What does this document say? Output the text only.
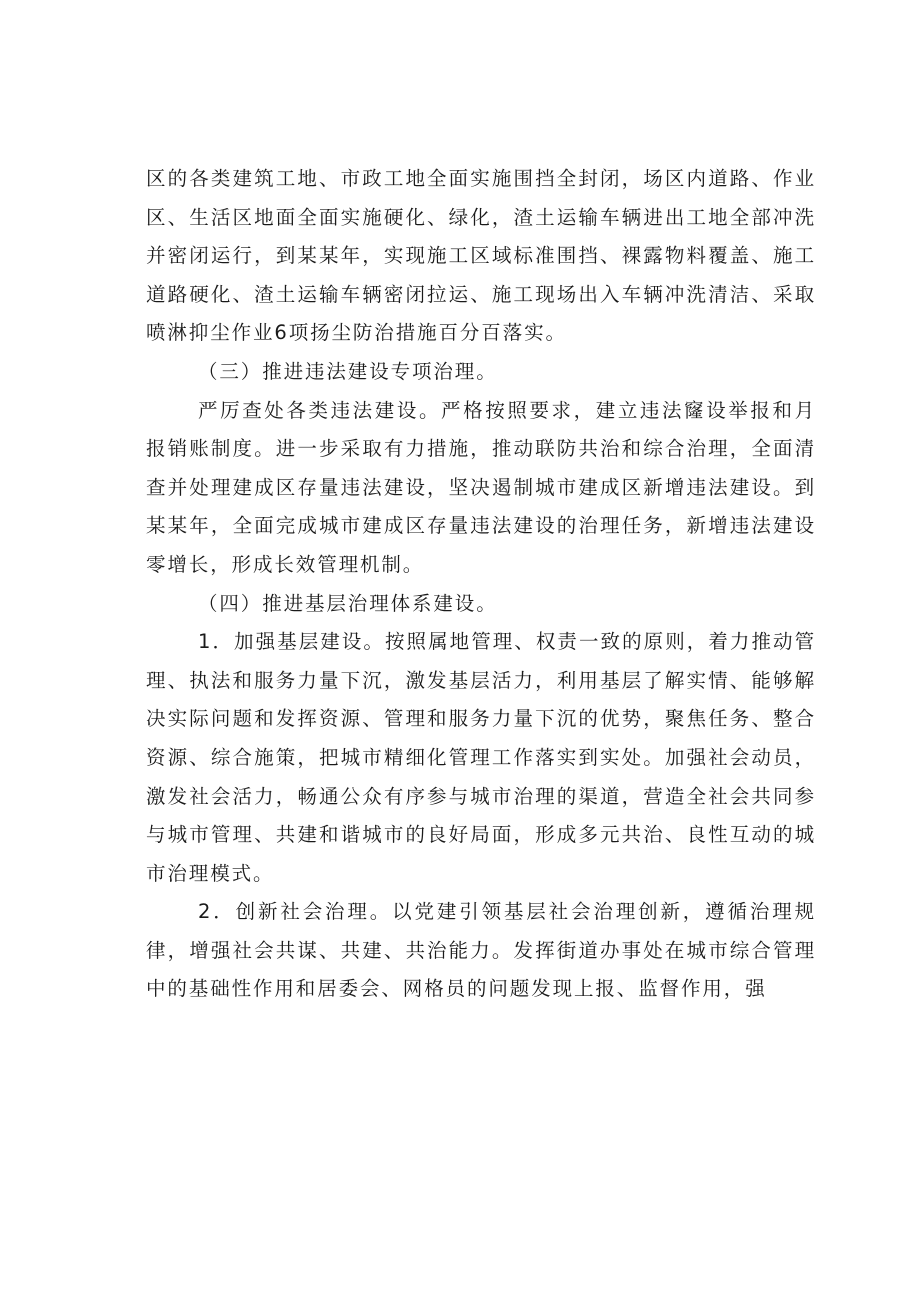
区的各类建筑工地、市政工地全面实施围挡全封闭，场区内道路、作业区、生活区地面全面实施硬化、绿化，渣土运输车辆进出工地全部冲洗并密闭运行，到某某年，实现施工区域标准围挡、裸露物料覆盖、施工道路硬化、渣土运输车辆密闭拉运、施工现场出入车辆冲洗清洁、采取喷淋抑尘作业6项扬尘防治措施百分百落实。

（三）推进违法建设专项治理。

严厉查处各类违法建设。严格按照要求，建立违法窿设举报和月报销账制度。进一步采取有力措施，推动联防共治和综合治理，全面清查并处理建成区存量违法建设，坚决遏制城市建成区新增违法建设。到某某年，全面完成城市建成区存量违法建设的治理任务，新增违法建设零增长，形成长效管理机制。

（四）推进基层治理体系建设。

1．加强基层建设。按照属地管理、权责一致的原则，着力推动管理、执法和服务力量下沉，激发基层活力，利用基层了解实情、能够解决实际问题和发挥资源、管理和服务力量下沉的优势，聚焦任务、整合资源、综合施策，把城市精细化管理工作落实到实处。加强社会动员，激发社会活力，畅通公众有序参与城市治理的渠道，营造全社会共同参与城市管理、共建和谐城市的良好局面，形成多元共治、良性互动的城市治理模式。

2．创新社会治理。以党建引领基层社会治理创新，遵循治理规律，增强社会共谋、共建、共治能力。发挥街道办事处在城市综合管理中的基础性作用和居委会、网格员的问题发现上报、监督作用，强
